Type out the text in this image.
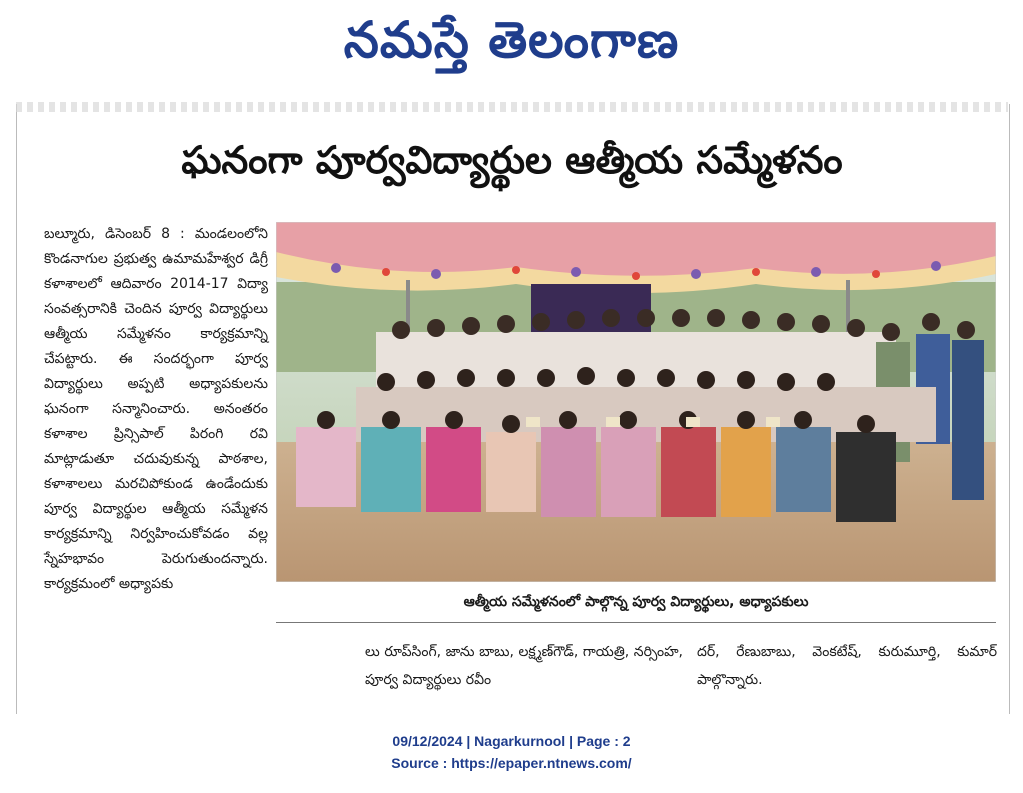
నమస్తే తెలంగాణ
ఘనంగా పూర్వవిద్యార్థుల ఆత్మీయ సమ్మేళనం
బల్మూరు, డిసెంబర్ 8 : మండలంలోని కొండనాగుల ప్రభుత్వ ఉమామహేశ్వర డిగ్రీ కళాశాలలో ఆదివారం 2014-17 విద్యా సంవత్సరానికి చెందిన పూర్వ విద్యార్థులు ఆత్మీయ సమ్మేళనం కార్యక్రమాన్ని చేపట్టారు. ఈ సందర్భంగా పూర్వ విద్యార్థులు అప్పటి అధ్యాపకులను ఘనంగా సన్మానించారు. అనంతరం కళాశాల ప్రిన్సిపాల్ పిరంగి రవి మాట్లాడుతూ చదువుకున్న పాఠశాల, కళాశాలలు మరచిపోకుండ ఉండేందుకు పూర్వ విద్యార్థుల ఆత్మీయ సమ్మేళన కార్యక్రమాన్ని నిర్వహించుకోవడం వల్ల స్నేహభావం పెరుగుతుందన్నారు. కార్యక్రమంలో అధ్యాపకు
ఆత్మీయ సమ్మేళనంలో పాల్గొన్న పూర్వ విద్యార్థులు, అధ్యాపకులు
లు రూప్‌సింగ్, జాను బాబు, లక్ష్మణ్‌గౌడ్, గాయత్రి, నర్సింహ, పూర్వ విద్యార్థులు రవీం
దర్, రేణుబాబు, వెంకటేష్, కురుమూర్తి, కుమార్ పాల్గొన్నారు.
09/12/2024 | Nagarkurnool | Page : 2
Source : https://epaper.ntnews.com/
